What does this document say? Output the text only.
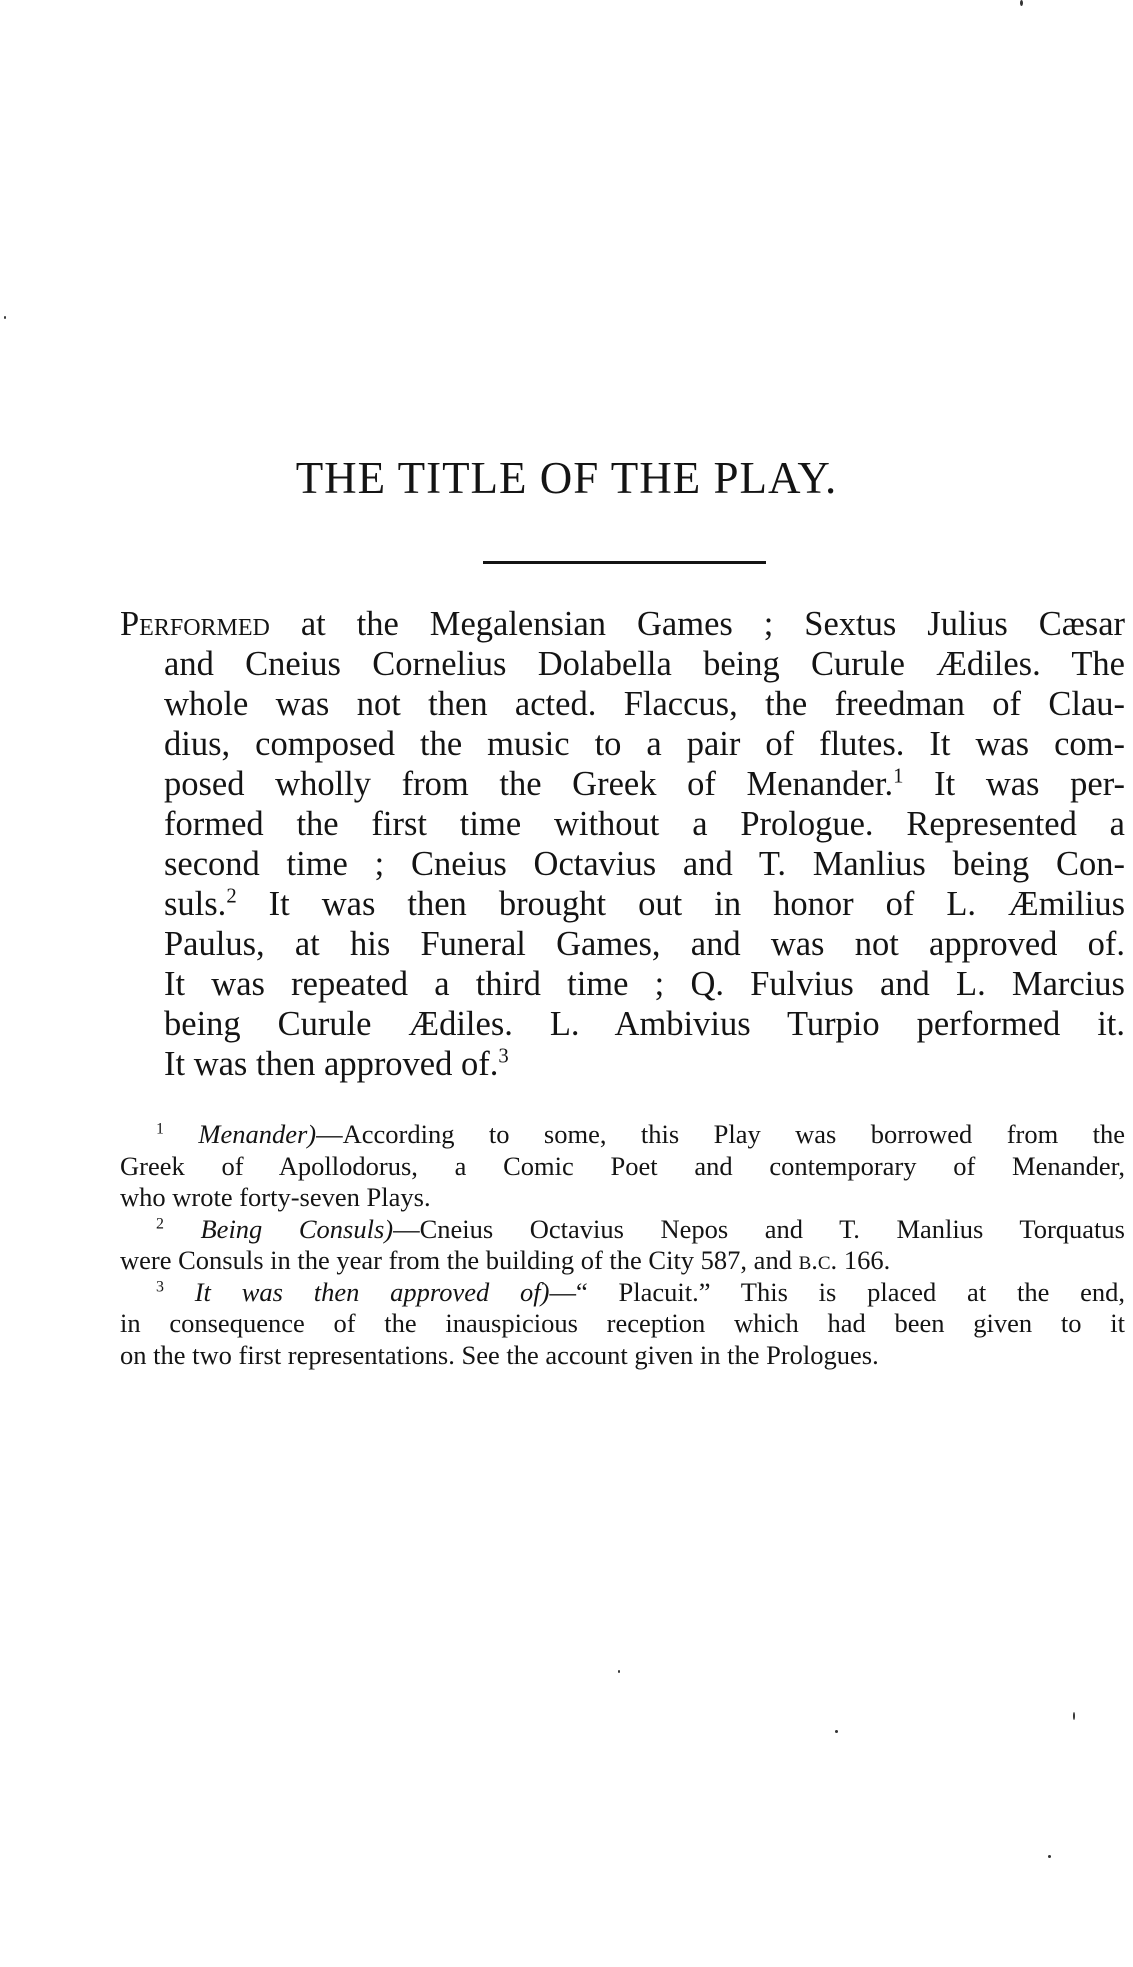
THE TITLE OF THE PLAY.
Performed at the Megalensian Games ; Sextus Julius Cæsar
and Cneius Cornelius Dolabella being Curule Ædiles. The
whole was not then acted. Flaccus, the freedman of Clau-
dius, composed the music to a pair of flutes. It was com-
posed wholly from the Greek of Menander.$^1$ It was per-
formed the first time without a Prologue. Represented a
second time ; Cneius Octavius and T. Manlius being Con-
suls.$^2$ It was then brought out in honor of L. Æmilius
Paulus, at his Funeral Games, and was not approved of.
It was repeated a third time ; Q. Fulvius and L. Marcius
being Curule Ædiles. L. Ambivius Turpio performed it.
It was then approved of.$^3$
$^1$ Menander)—According to some, this Play was borrowed from the
Greek of Apollodorus, a Comic Poet and contemporary of Menander,
who wrote forty-seven Plays.
$^2$ Being Consuls)—Cneius Octavius Nepos and T. Manlius Torquatus
were Consuls in the year from the building of the City 587, and b.c. 166.
$^3$ It was then approved of)—“ Placuit.” This is placed at the end,
in consequence of the inauspicious reception which had been given to it
on the two first representations. See the account given in the Prologues.
